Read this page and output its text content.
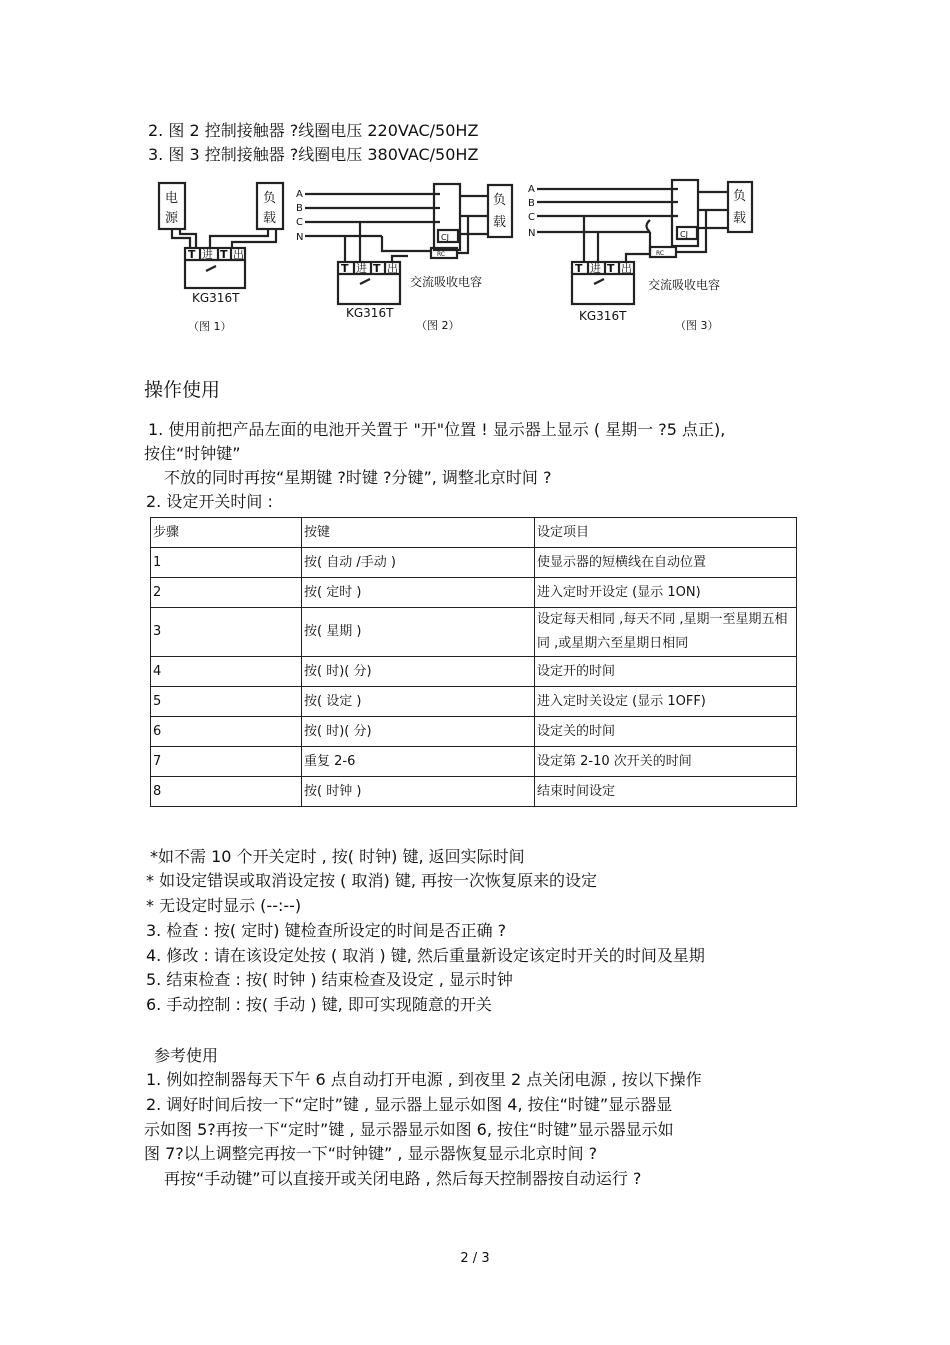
2. 图 2 控制接触器 ?线圈电压 220VAC/50HZ
3. 图 3 控制接触器 ?线圈电压 380VAC/50HZ
电
源
负
载
T 进 T 出
KG316T
（图 1）
A
B
C
N
负
载
CJ
RC
交流吸收电容
T 进 T 出
KG316T
（图 2）
A
B
C
N
负
载
CJ
RC
交流吸收电容
T 进 T 出
KG316T
（图 3）
操作使用
1. 使用前把产品左面的电池开关置于 "开"位置 ! 显示器上显示 ( 星期一 ?5 点正),
按住“时钟键”
不放的同时再按“星期键 ?时键 ?分键”, 调整北京时间 ?
2. 设定开关时间 :
步骤	按键	设定项目
1	按( 自动 /手动 )	使显示器的短横线在自动位置
2	按( 定时 )	进入定时开设定 (显示 1ON)
3	按( 星期 )	设定每天相同 ,每天不同 ,星期一至星期五相同 ,或星期六至星期日相同
4	按( 时)( 分)	设定开的时间
5	按( 设定 )	进入定时关设定 (显示 1OFF)
6	按( 时)( 分)	设定关的时间
7	重复 2-6	设定第 2-10 次开关的时间
8	按( 时钟 )	结束时间设定
*如不需 10 个开关定时 , 按( 时钟) 键, 返回实际时间
* 如设定错误或取消设定按 ( 取消) 键, 再按一次恢复原来的设定
* 无设定时显示 (--:--)
3. 检查 : 按( 定时) 键检查所设定的时间是否正确 ?
4. 修改 : 请在该设定处按 ( 取消 ) 键, 然后重量新设定该定时开关的时间及星期
5. 结束检查 : 按( 时钟 ) 结束检查及设定 , 显示时钟
6. 手动控制 : 按( 手动 ) 键, 即可实现随意的开关
参考使用
1. 例如控制器每天下午 6 点自动打开电源 , 到夜里 2 点关闭电源 , 按以下操作
2. 调好时间后按一下“定时”键 , 显示器上显示如图 4, 按住“时键”显示器显
示如图 5?再按一下“定时”键 , 显示器显示如图 6, 按住“时键”显示器显示如
图 7?以上调整完再按一下“时钟键” , 显示器恢复显示北京时间 ?
再按“手动键”可以直接开或关闭电路 , 然后每天控制器按自动运行 ?
2 / 3
